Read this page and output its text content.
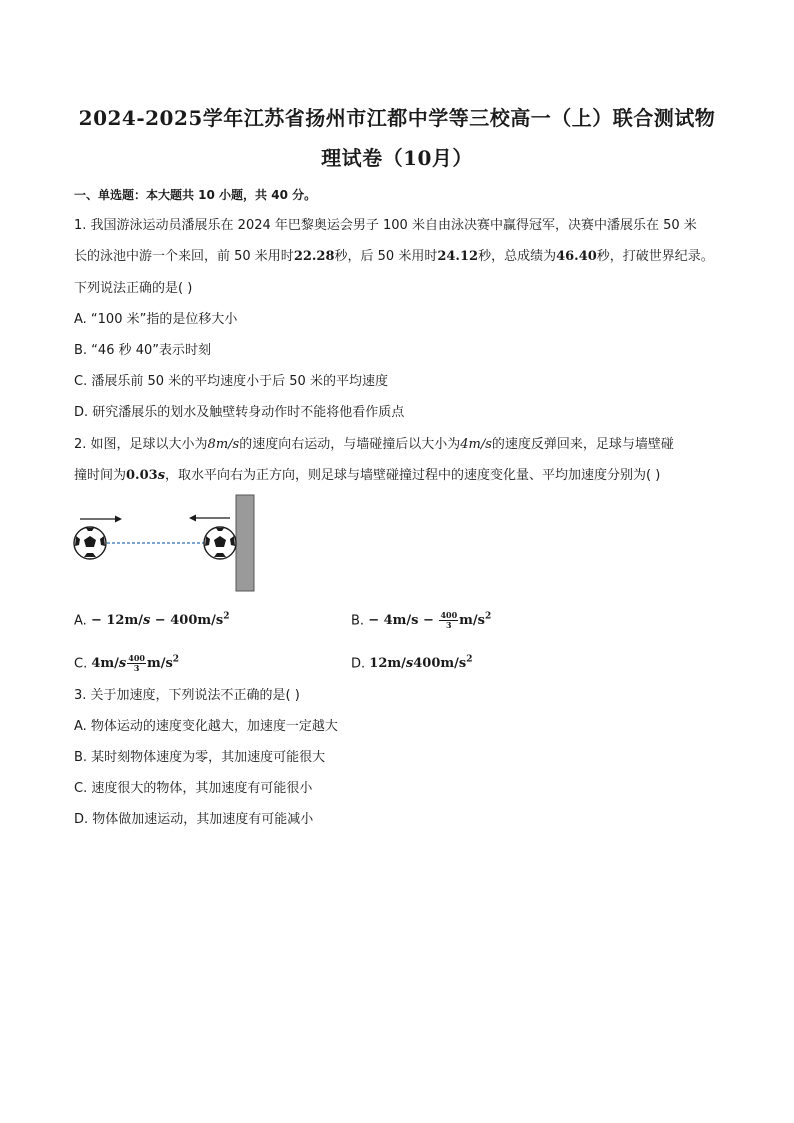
2024-2025学年江苏省扬州市江都中学等三校高一（上）联合测试物
理试卷（10月）
一、单选题：本大题共 10 小题，共 40 分。
1. 我国游泳运动员潘展乐在 2024 年巴黎奥运会男子 100 米自由泳决赛中赢得冠军，决赛中潘展乐在 50 米
长的泳池中游一个来回，前 50 米用时22.28秒，后 50 米用时24.12秒，总成绩为46.40秒，打破世界纪录。
下列说法正确的是( )
A. “100 米”指的是位移大小
B. “46 秒 40”表示时刻
C. 潘展乐前 50 米的平均速度小于后 50 米的平均速度
D. 研究潘展乐的划水及触壁转身动作时不能将他看作质点
2. 如图，足球以大小为8m/s的速度向右运动，与墙碰撞后以大小为4m/s的速度反弹回来，足球与墙壁碰
撞时间为0.03s，取水平向右为正方向，则足球与墙壁碰撞过程中的速度变化量、平均加速度分别为( )
A. − $12m/s - 400m/s^2$	B. − $4m/s - \frac{400}{3} m/s^2$
C. $4m/s \frac{400}{3} m/s^2$	D. $12m/s400m/s^2$
3. 关于加速度，下列说法不正确的是( )
A. 物体运动的速度变化越大，加速度一定越大
B. 某时刻物体速度为零，其加速度可能很大
C. 速度很大的物体，其加速度有可能很小
D. 物体做加速运动，其加速度有可能减小
